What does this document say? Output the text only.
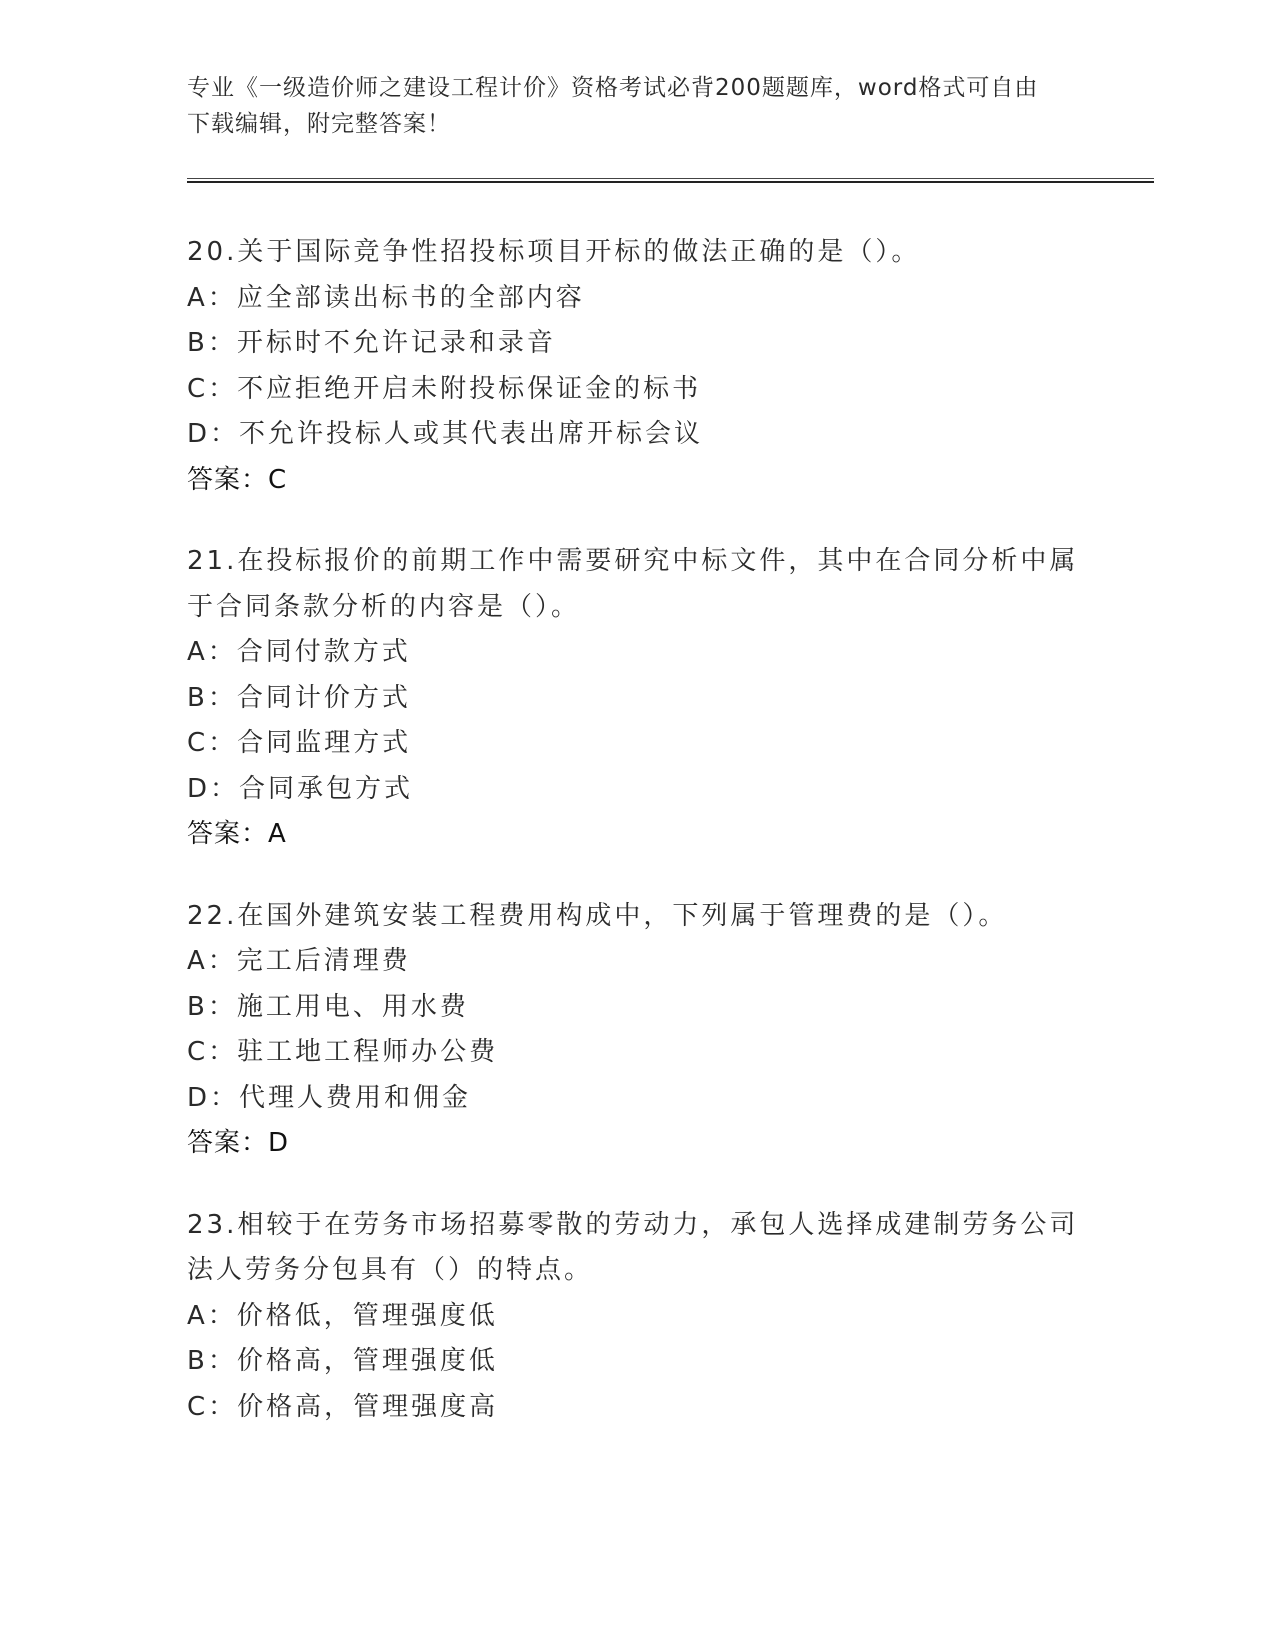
专业《一级造价师之建设工程计价》资格考试必背200题题库，word格式可自由
下载编辑，附完整答案！
20.关于国际竞争性招投标项目开标的做法正确的是（）。
A：应全部读出标书的全部内容
B：开标时不允许记录和录音
C：不应拒绝开启未附投标保证金的标书
D：不允许投标人或其代表出席开标会议
答案：C
21.在投标报价的前期工作中需要研究中标文件，其中在合同分析中属
于合同条款分析的内容是（）。
A：合同付款方式
B：合同计价方式
C：合同监理方式
D：合同承包方式
答案：A
22.在国外建筑安装工程费用构成中，下列属于管理费的是（）。
A：完工后清理费
B：施工用电、用水费
C：驻工地工程师办公费
D：代理人费用和佣金
答案：D
23.相较于在劳务市场招募零散的劳动力，承包人选择成建制劳务公司
法人劳务分包具有（）的特点。
A：价格低，管理强度低
B：价格高，管理强度低
C：价格高，管理强度高
